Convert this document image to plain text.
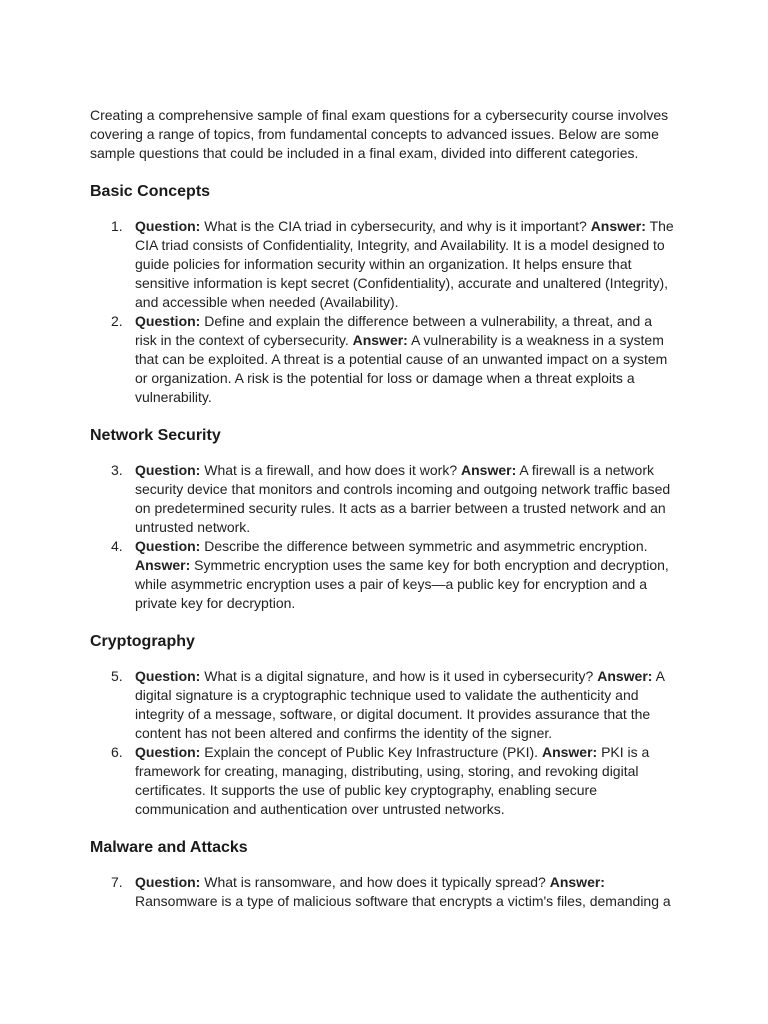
Creating a comprehensive sample of final exam questions for a cybersecurity course involves covering a range of topics, from fundamental concepts to advanced issues. Below are some sample questions that could be included in a final exam, divided into different categories.

Basic Concepts
1. Question: What is the CIA triad in cybersecurity, and why is it important? Answer: The CIA triad consists of Confidentiality, Integrity, and Availability. It is a model designed to guide policies for information security within an organization. It helps ensure that sensitive information is kept secret (Confidentiality), accurate and unaltered (Integrity), and accessible when needed (Availability).
2. Question: Define and explain the difference between a vulnerability, a threat, and a risk in the context of cybersecurity. Answer: A vulnerability is a weakness in a system that can be exploited. A threat is a potential cause of an unwanted impact on a system or organization. A risk is the potential for loss or damage when a threat exploits a vulnerability.
Network Security
3. Question: What is a firewall, and how does it work? Answer: A firewall is a network security device that monitors and controls incoming and outgoing network traffic based on predetermined security rules. It acts as a barrier between a trusted network and an untrusted network.
4. Question: Describe the difference between symmetric and asymmetric encryption. Answer: Symmetric encryption uses the same key for both encryption and decryption, while asymmetric encryption uses a pair of keys—a public key for encryption and a private key for decryption.
Cryptography
5. Question: What is a digital signature, and how is it used in cybersecurity? Answer: A digital signature is a cryptographic technique used to validate the authenticity and integrity of a message, software, or digital document. It provides assurance that the content has not been altered and confirms the identity of the signer.
6. Question: Explain the concept of Public Key Infrastructure (PKI). Answer: PKI is a framework for creating, managing, distributing, using, storing, and revoking digital certificates. It supports the use of public key cryptography, enabling secure communication and authentication over untrusted networks.
Malware and Attacks
7. Question: What is ransomware, and how does it typically spread? Answer: Ransomware is a type of malicious software that encrypts a victim's files, demanding a
